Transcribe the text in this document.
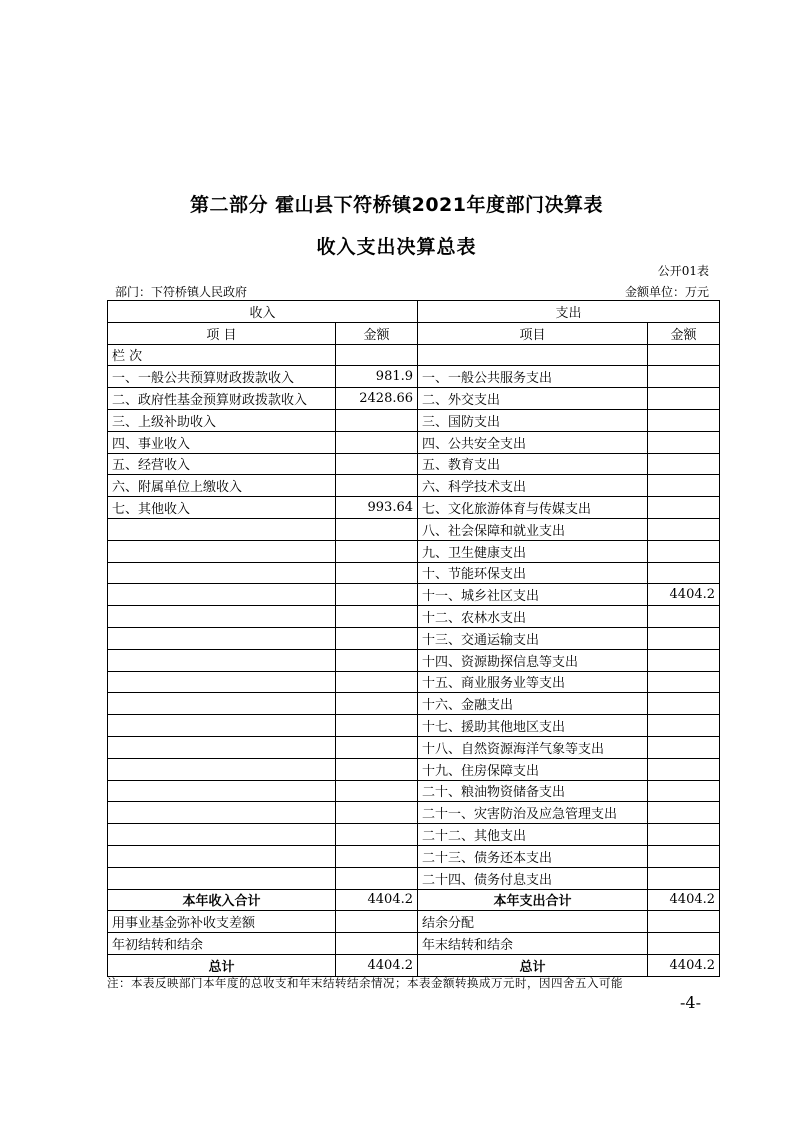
第二部分 霍山县下符桥镇2021年度部门决算表
收入支出决算总表
公开01表
部门：下符桥镇人民政府	金额单位：万元
收入		支出	
项 目	金额	项目	金额
栏 次			
一、一般公共预算财政拨款收入	981.9	一、一般公共服务支出	
二、政府性基金预算财政拨款收入	2428.66	二、外交支出	
三、上级补助收入		三、国防支出	
四、事业收入		四、公共安全支出	
五、经营收入		五、教育支出	
六、附属单位上缴收入		六、科学技术支出	
七、其他收入	993.64	七、文化旅游体育与传媒支出	
		八、社会保障和就业支出	
		九、卫生健康支出	
		十、节能环保支出	
		十一、城乡社区支出	4404.2
		十二、农林水支出	
		十三、交通运输支出	
		十四、资源勘探信息等支出	
		十五、商业服务业等支出	
		十六、金融支出	
		十七、援助其他地区支出	
		十八、自然资源海洋气象等支出	
		十九、住房保障支出	
		二十、粮油物资储备支出	
		二十一、灾害防治及应急管理支出	
		二十二、其他支出	
		二十三、债务还本支出	
		二十四、债务付息支出	
本年收入合计	4404.2	本年支出合计	4404.2
用事业基金弥补收支差额		结余分配	
年初结转和结余		年末结转和结余	
总计	4404.2	总计	4404.2
注：本表反映部门本年度的总收支和年末结转结余情况；本表金额转换成万元时，因四舍五入可能
-4-
